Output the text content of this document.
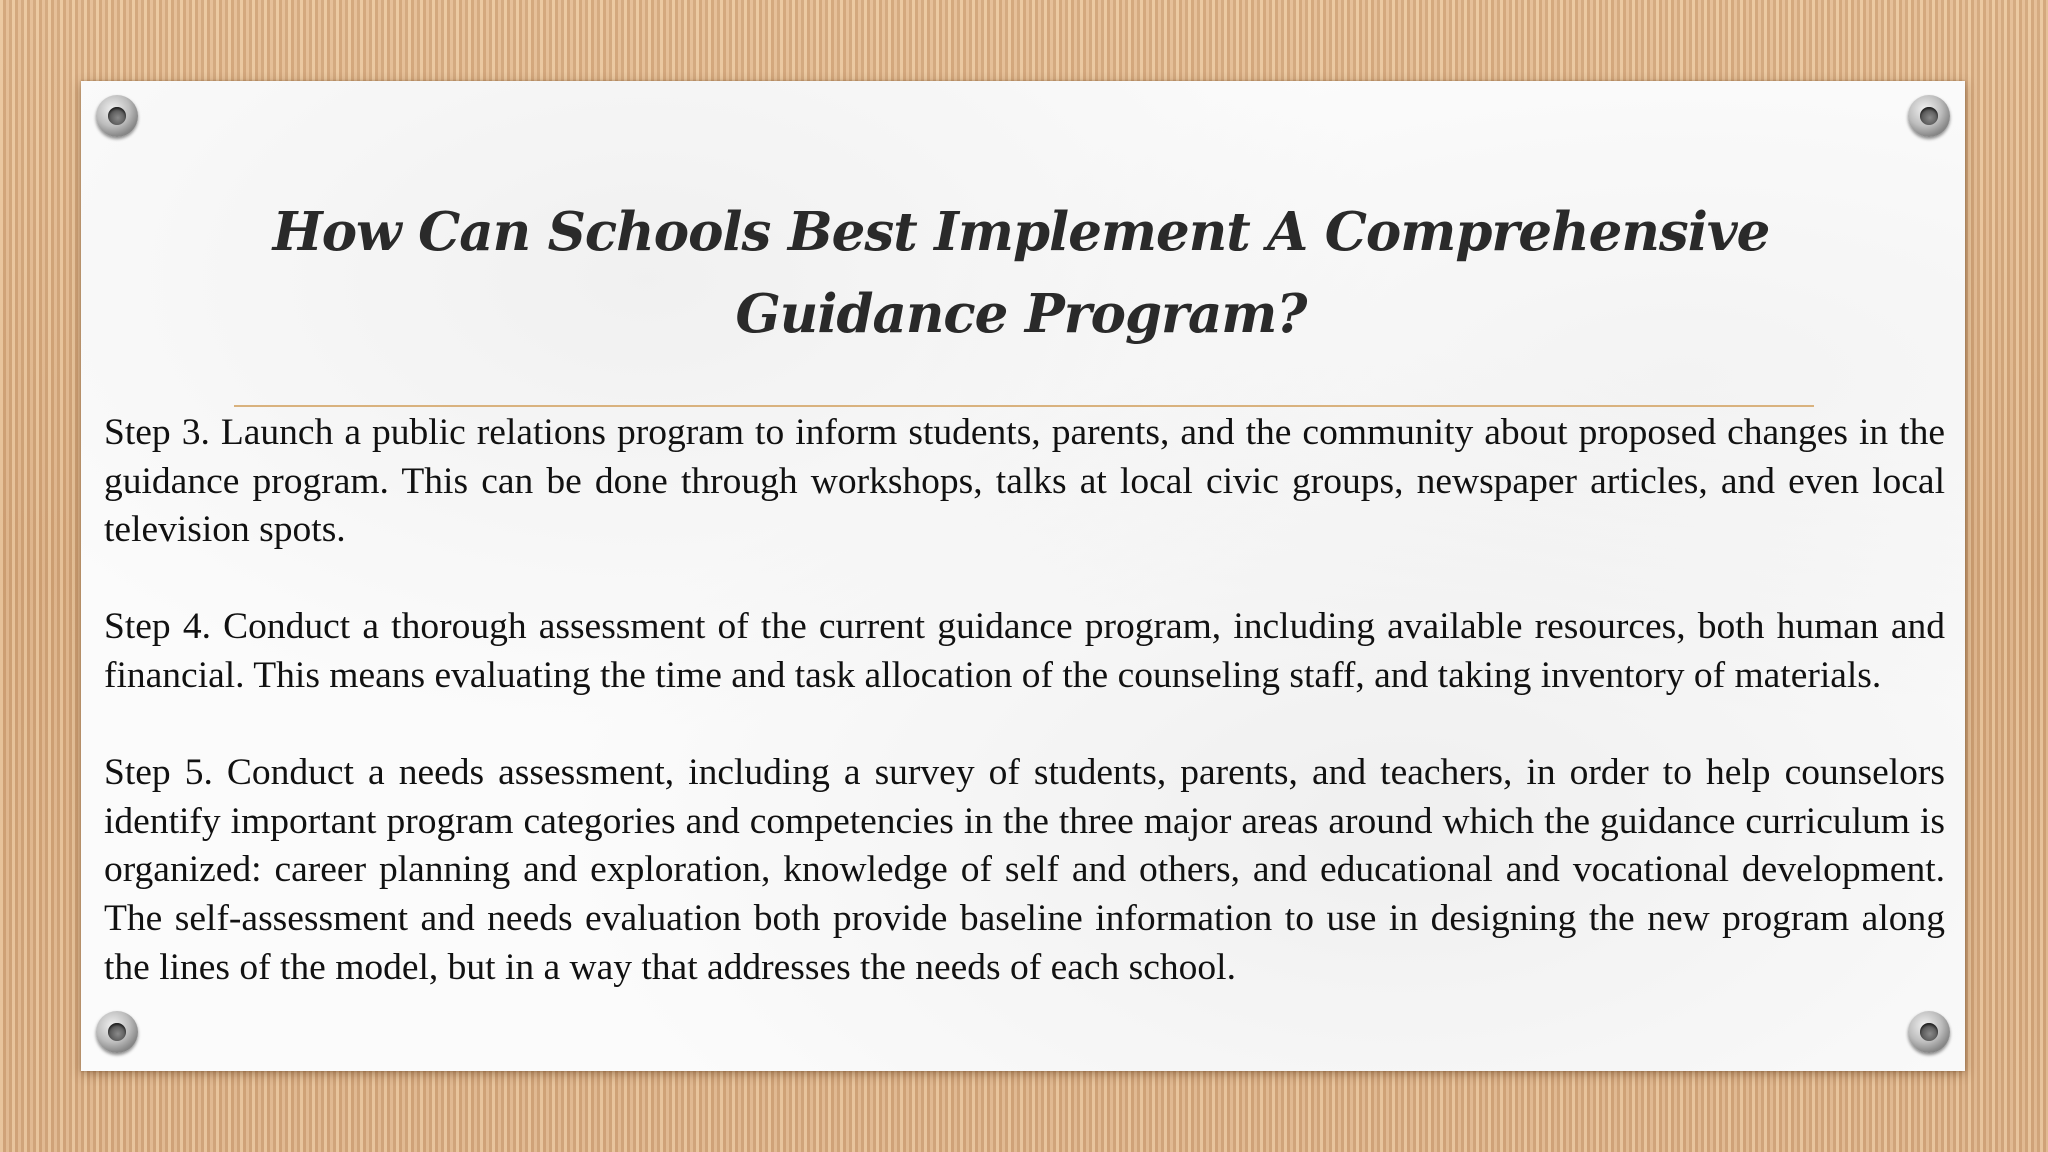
How Can Schools Best Implement A Comprehensive Guidance Program?

Step 3. Launch a public relations program to inform students, parents, and the community about proposed changes in the guidance program. This can be done through workshops, talks at local civic groups, newspaper articles, and even local television spots.

Step 4. Conduct a thorough assessment of the current guidance program, including available resources, both human and financial. This means evaluating the time and task allocation of the counseling staff, and taking inventory of materials.

Step 5. Conduct a needs assessment, including a survey of students, parents, and teachers, in order to help counselors identify important program categories and competencies in the three major areas around which the guidance curriculum is organized: career planning and exploration, knowledge of self and others, and educational and vocational development. The self-assessment and needs evaluation both provide baseline information to use in designing the new program along the lines of the model, but in a way that addresses the needs of each school.
